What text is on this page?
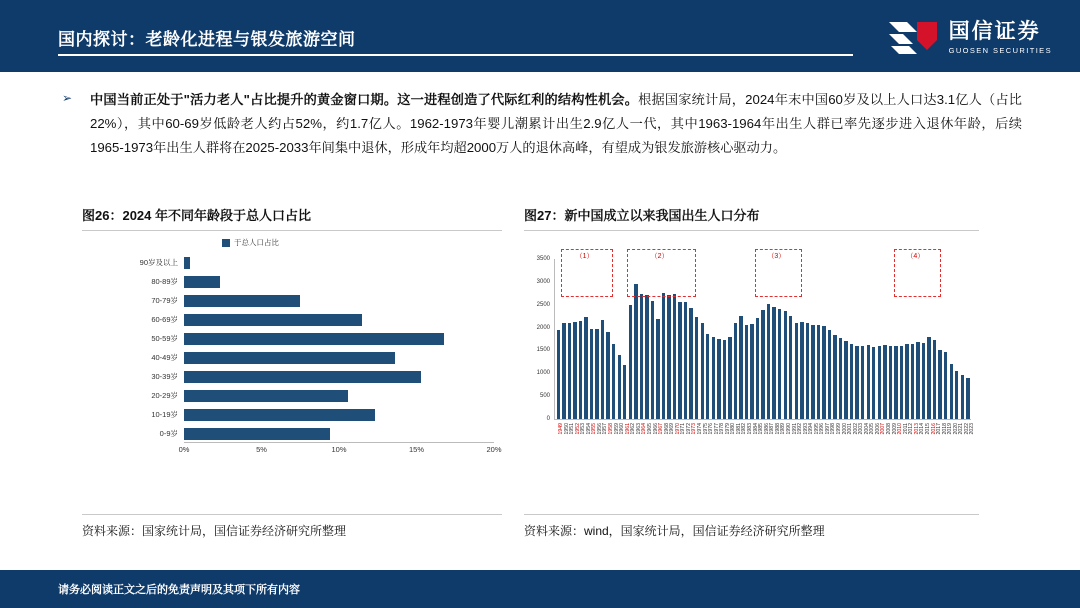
国内探讨：老龄化进程与银发旅游空间	国信证券
GUOSEN SECURITIES
➢ 中国当前正处于"活力老人"占比提升的黄金窗口期。这一进程创造了代际红利的结构性机会。根据国家统计局，2024年末中国60岁及以上人口达3.1亿人（占比22%），其中60-69岁低龄老人约占52%，约1.7亿人。1962-1973年婴儿潮累计出生2.9亿人一代，其中1963-1964年出生人群已率先逐步进入退休年龄，后续1965-1973年出生人群将在2025-2033年间集中退休，形成年均超2000万人的退休高峰，有望成为银发旅游核心驱动力。
图26：2024 年不同年龄段于总人口占比
于总人口占比
90岁及以上
80-89岁
70-79岁
60-69岁
50-59岁
40-49岁
30-39岁
20-29岁
10-19岁
0-9岁
0%	5%	10%	15%	20%
资料来源：国家统计局，国信证券经济研究所整理
图27：新中国成立以来我国出生人口分布
0
500
1000
1500
2000
2500
3000
3500	（1）	（2）	（3）	（4）
1949 1950 1951 1952 1953 1954 1955 1956 1957 1958 1959 1960 1961 1962 1963 1964 1965 1966 1967 1968 1969 1970 1971 1972 1973 1974 1975 1976 1977 1978 1979 1980 1981 1982 1983 1984 1985 1986 1987 1988 1989 1990 1991 1992 1993 1994 1995 1996 1997 1998 1999 2000 2001 2002 2003 2004 2005 2006 2007 2008 2009 2010 2011 2012 2013 2014 2015 2016 2017 2018 2019 2020 2021 2022 2023
资料来源：wind，国家统计局，国信证券经济研究所整理
请务必阅读正文之后的免责声明及其项下所有内容
